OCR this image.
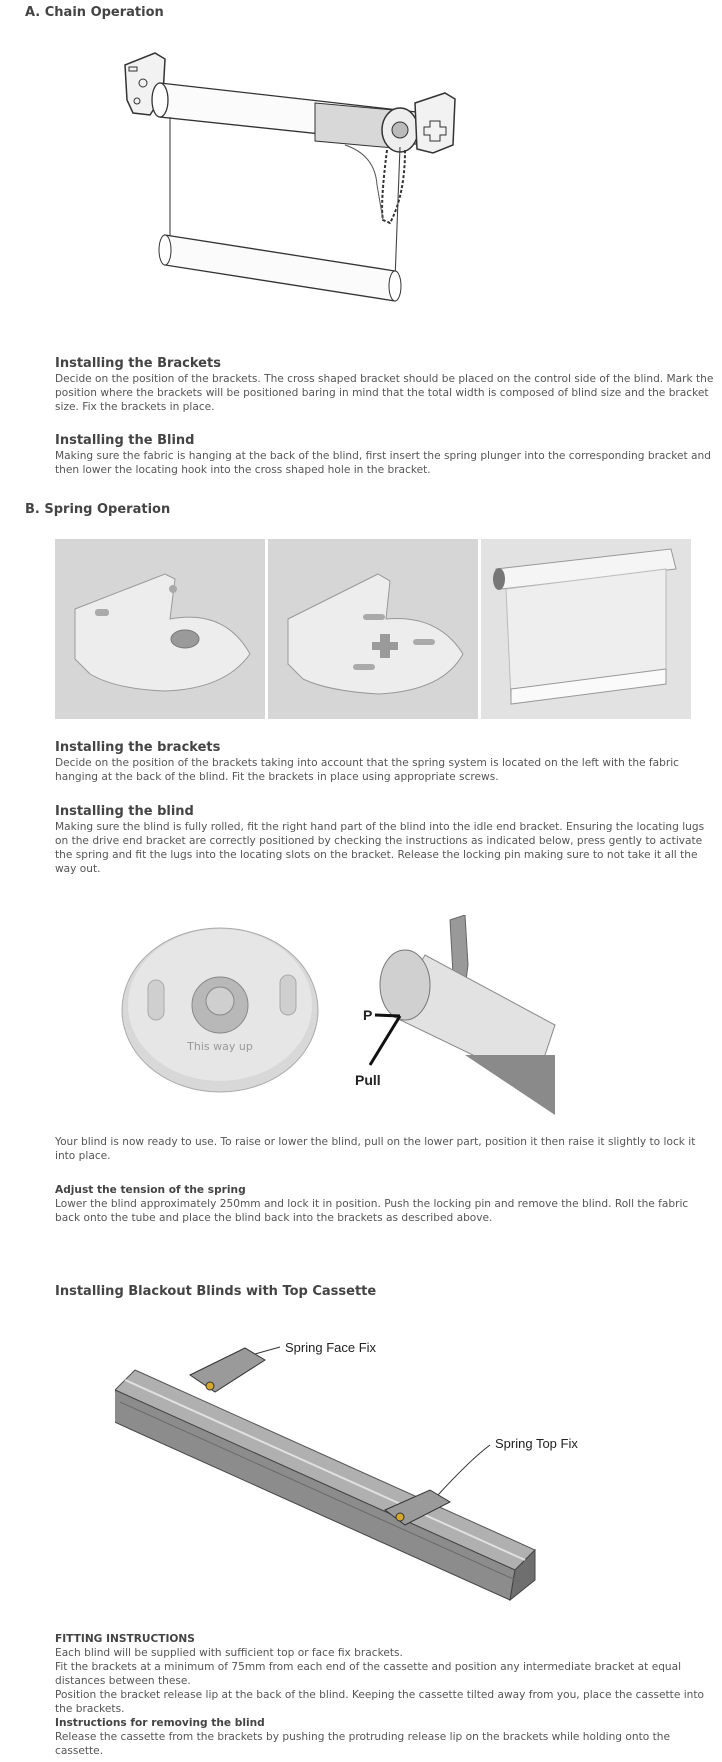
A. Chain Operation
Installing the Brackets

Decide on the position of the brackets. The cross shaped bracket should be placed on the control side of the blind. Mark the position where the brackets will be positioned baring in mind that the total width is composed of blind size and the bracket size. Fix the brackets in place.

Installing the Blind

Making sure the fabric is hanging at the back of the blind, first insert the spring plunger into the corresponding bracket and then lower the locating hook into the cross shaped hole in the bracket.

B. Spring Operation
Installing the brackets

Decide on the position of the brackets taking into account that the spring system is located on the left with the fabric hanging at the back of the blind. Fit the brackets in place using appropriate screws.

Installing the blind

Making sure the blind is fully rolled, fit the right hand part of the blind into the idle end bracket. Ensuring the locating lugs on the drive end bracket are correctly positioned by checking the instructions as indicated below, press gently to activate the spring and fit the lugs into the locating slots on the bracket. Release the locking pin making sure to not take it all the way out.

This way up
P
Pull

Your blind is now ready to use. To raise or lower the blind, pull on the lower part, position it then raise it slightly to lock it into place.

Adjust the tension of the spring
Lower the blind approximately 250mm and lock it in position. Push the locking pin and remove the blind. Roll the fabric back onto the tube and place the blind back into the brackets as described above.

Installing Blackout Blinds with Top Cassette
Spring Face Fix
Spring Top Fix

FITTING INSTRUCTIONS
Each blind will be supplied with sufficient top or face fix brackets.
Fit the brackets at a minimum of 75mm from each end of the cassette and position any intermediate bracket at equal distances between these.
Position the bracket release lip at the back of the blind. Keeping the cassette tilted away from you, place the cassette into the brackets.
Instructions for removing the blind
Release the cassette from the brackets by pushing the protruding release lip on the brackets while holding onto the cassette.
